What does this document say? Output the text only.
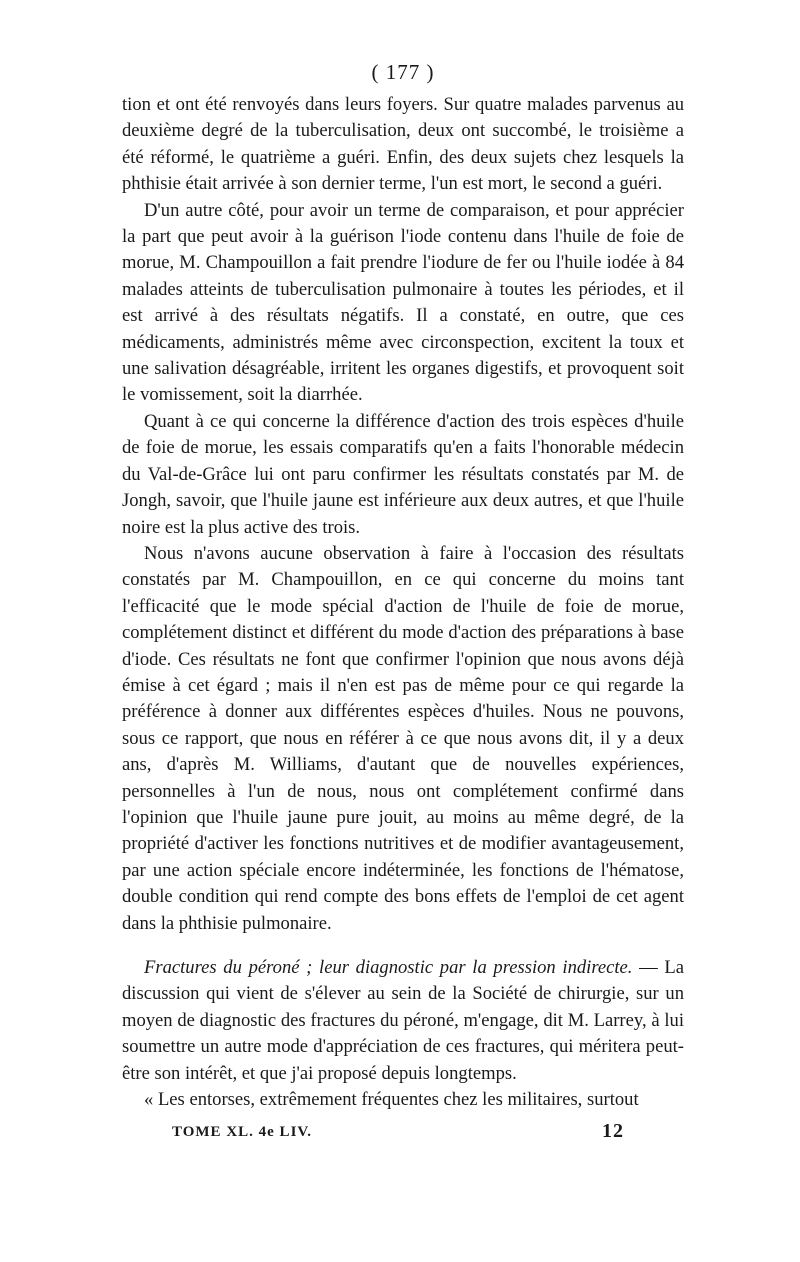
( 177 )

tion et ont été renvoyés dans leurs foyers. Sur quatre malades parvenus au deuxième degré de la tuberculisation, deux ont succombé, le troisième a été réformé, le quatrième a guéri. Enfin, des deux sujets chez lesquels la phthisie était arrivée à son dernier terme, l'un est mort, le second a guéri.

D'un autre côté, pour avoir un terme de comparaison, et pour apprécier la part que peut avoir à la guérison l'iode contenu dans l'huile de foie de morue, M. Champouillon a fait prendre l'iodure de fer ou l'huile iodée à 84 malades atteints de tuberculisation pulmonaire à toutes les périodes, et il est arrivé à des résultats négatifs. Il a constaté, en outre, que ces médicaments, administrés même avec circonspection, excitent la toux et une salivation désagréable, irritent les organes digestifs, et provoquent soit le vomissement, soit la diarrhée.

Quant à ce qui concerne la différence d'action des trois espèces d'huile de foie de morue, les essais comparatifs qu'en a faits l'honorable médecin du Val-de-Grâce lui ont paru confirmer les résultats constatés par M. de Jongh, savoir, que l'huile jaune est inférieure aux deux autres, et que l'huile noire est la plus active des trois.

Nous n'avons aucune observation à faire à l'occasion des résultats constatés par M. Champouillon, en ce qui concerne du moins tant l'efficacité que le mode spécial d'action de l'huile de foie de morue, complétement distinct et différent du mode d'action des préparations à base d'iode. Ces résultats ne font que confirmer l'opinion que nous avons déjà émise à cet égard ; mais il n'en est pas de même pour ce qui regarde la préférence à donner aux différentes espèces d'huiles. Nous ne pouvons, sous ce rapport, que nous en référer à ce que nous avons dit, il y a deux ans, d'après M. Williams, d'autant que de nouvelles expériences, personnelles à l'un de nous, nous ont complétement confirmé dans l'opinion que l'huile jaune pure jouit, au moins au même degré, de la propriété d'activer les fonctions nutritives et de modifier avantageusement, par une action spéciale encore indéterminée, les fonctions de l'hématose, double condition qui rend compte des bons effets de l'emploi de cet agent dans la phthisie pulmonaire.

Fractures du péroné ; leur diagnostic par la pression indirecte. — La discussion qui vient de s'élever au sein de la Société de chirurgie, sur un moyen de diagnostic des fractures du péroné, m'engage, dit M. Larrey, à lui soumettre un autre mode d'appréciation de ces fractures, qui méritera peut-être son intérêt, et que j'ai proposé depuis longtemps.

« Les entorses, extrêmement fréquentes chez les militaires, surtout

TOME XL. 4e LIV.	12
